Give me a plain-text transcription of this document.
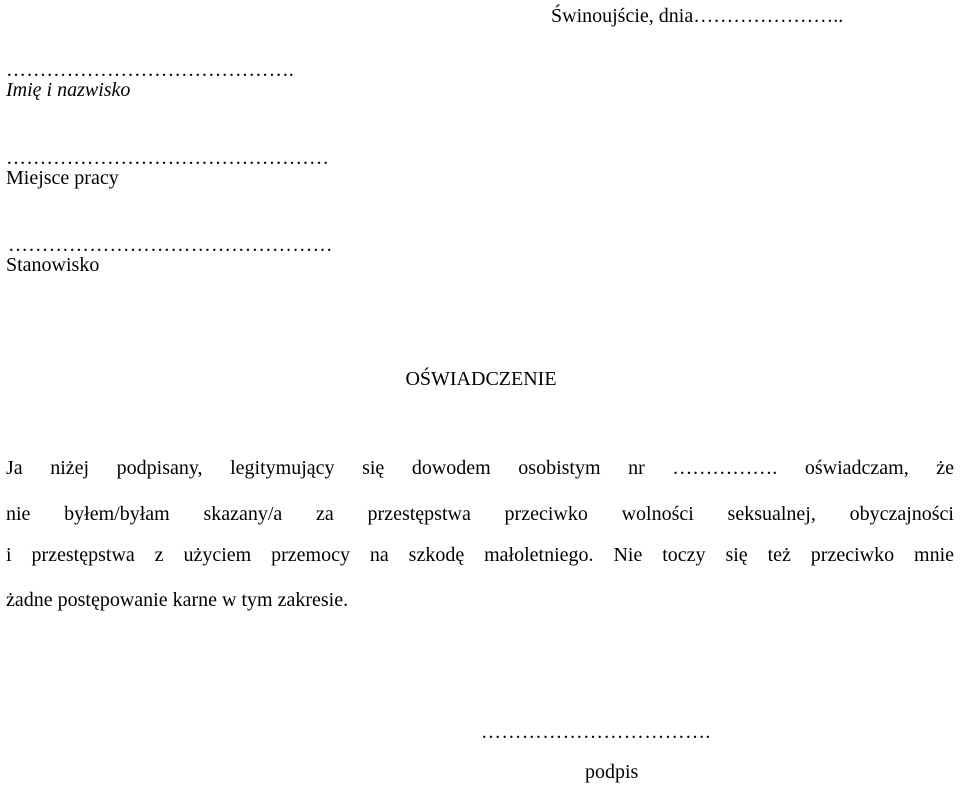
Świnoujście, dnia…………………..
…………………………………….
Imię i nazwisko
…………………………………………
Miejsce pracy
…………………………………………
Stanowisko
OŚWIADCZENIE
Ja niżej podpisany, legitymujący się dowodem osobistym nr ……………. oświadczam, że
nie byłem/byłam skazany/a za przestępstwa przeciwko wolności seksualnej, obyczajności
i przestępstwa z użyciem przemocy na szkodę małoletniego. Nie toczy się też przeciwko mnie
żadne postępowanie karne w tym zakresie.
…………………………….
podpis
